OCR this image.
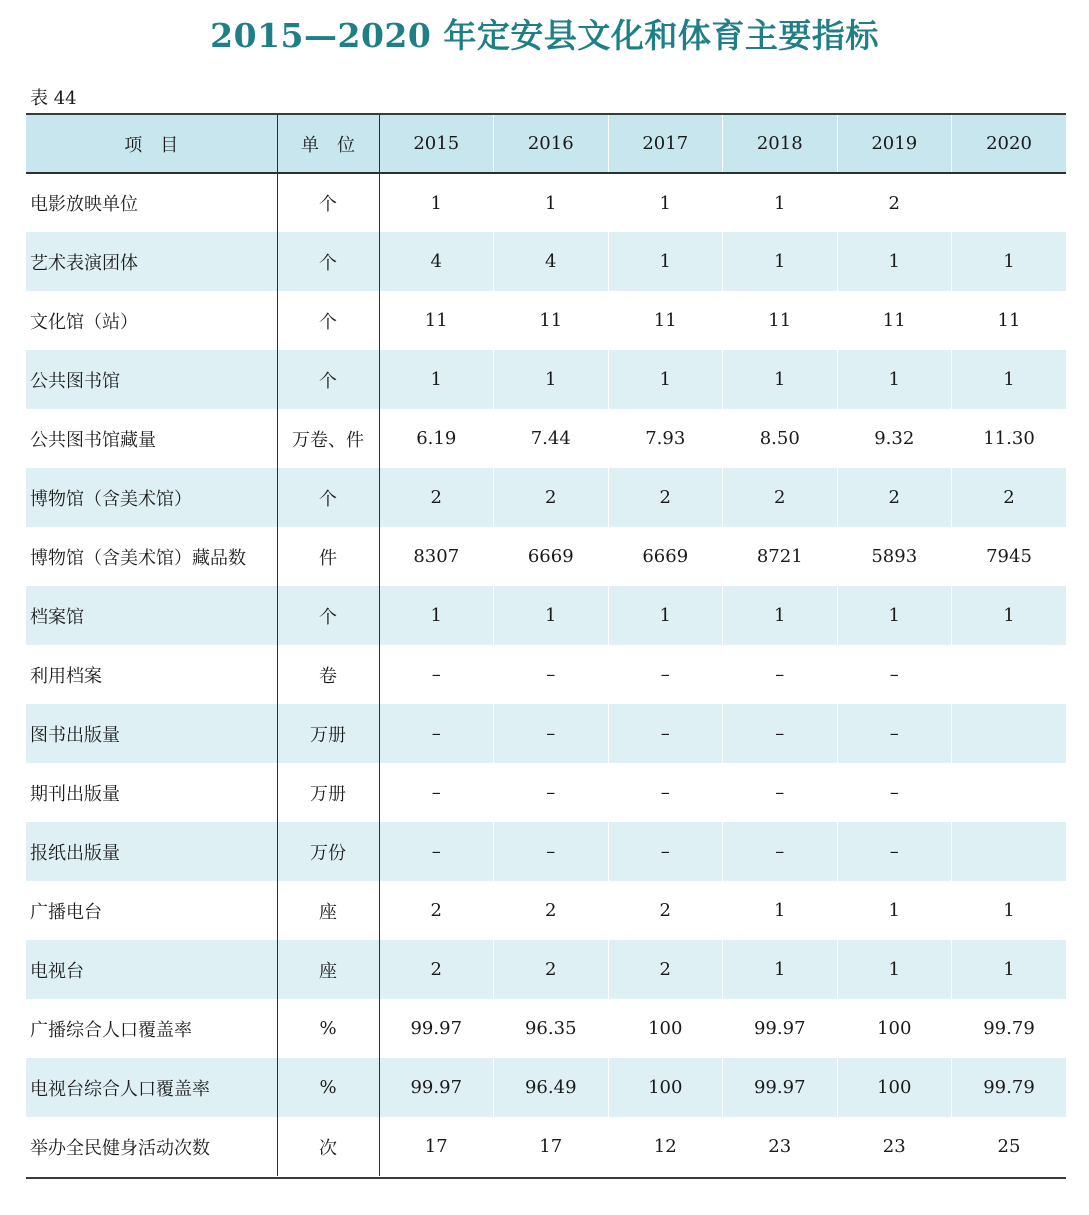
2015—2020 年定安县文化和体育主要指标
表 44
项　目	单　位	2015	2016	2017	2018	2019	2020
电影放映单位	个	1	1	1	1	2	
艺术表演团体	个	4	4	1	1	1	1
文化馆（站）	个	11	11	11	11	11	11
公共图书馆	个	1	1	1	1	1	1
公共图书馆藏量	万卷、件	6.19	7.44	7.93	8.50	9.32	11.30
博物馆（含美术馆）	个	2	2	2	2	2	2
博物馆（含美术馆）藏品数	件	8307	6669	6669	8721	5893	7945
档案馆	个	1	1	1	1	1	1
利用档案	卷	–	–	–	–	–	
图书出版量	万册	–	–	–	–	–	
期刊出版量	万册	–	–	–	–	–	
报纸出版量	万份	–	–	–	–	–	
广播电台	座	2	2	2	1	1	1
电视台	座	2	2	2	1	1	1
广播综合人口覆盖率	%	99.97	96.35	100	99.97	100	99.79
电视台综合人口覆盖率	%	99.97	96.49	100	99.97	100	99.79
举办全民健身活动次数	次	17	17	12	23	23	25
